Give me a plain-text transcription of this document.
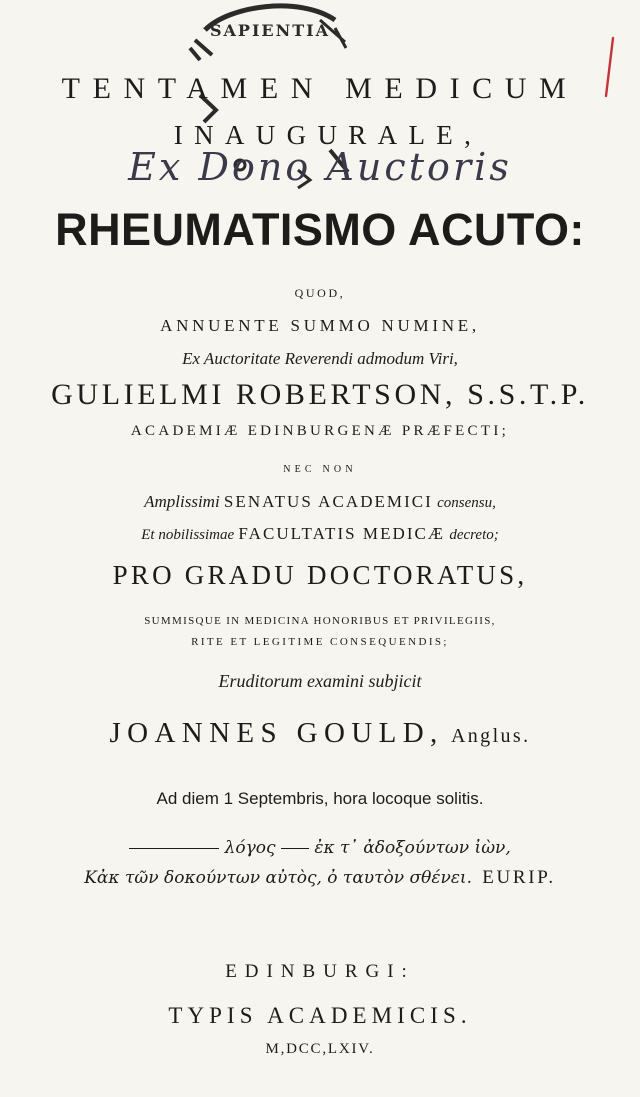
SAPIENTIA
TENTAMEN MEDICUM
INAUGURALE,
Ex Dono Auctoris
RHEUMATISMO ACUTO:
QUOD,
ANNUENTE SUMMO NUMINE,
Ex Auctoritate Reverendi admodum Viri,
GULIELMI ROBERTSON, S.S.T.P.
ACADEMIÆ EDINBURGENÆ PRÆFECTI;
NEC NON
Amplissimi SENATUS ACADEMICI consensu,
Et nobilissimae FACULTATIS MEDICÆ decreto;
PRO GRADU DOCTORATUS,
SUMMISQUE IN MEDICINA HONORIBUS ET PRIVILEGIIS,
RITE ET LEGITIME CONSEQUENDIS;
Eruditorum examini subjicit
JOANNES GOULD, Anglus.
Ad diem 1 Septembris, hora locoque solitis.
λόγος ἐκ τ᾽ ἀδοξούντων ἰὼν,
Κἀκ τῶν δοκούντων αὐτὸς, ὀ ταυτὸν σθένει. EURIP.
EDINBURGI:
TYPIS ACADEMICIS.
M,DCC,LXIV.
